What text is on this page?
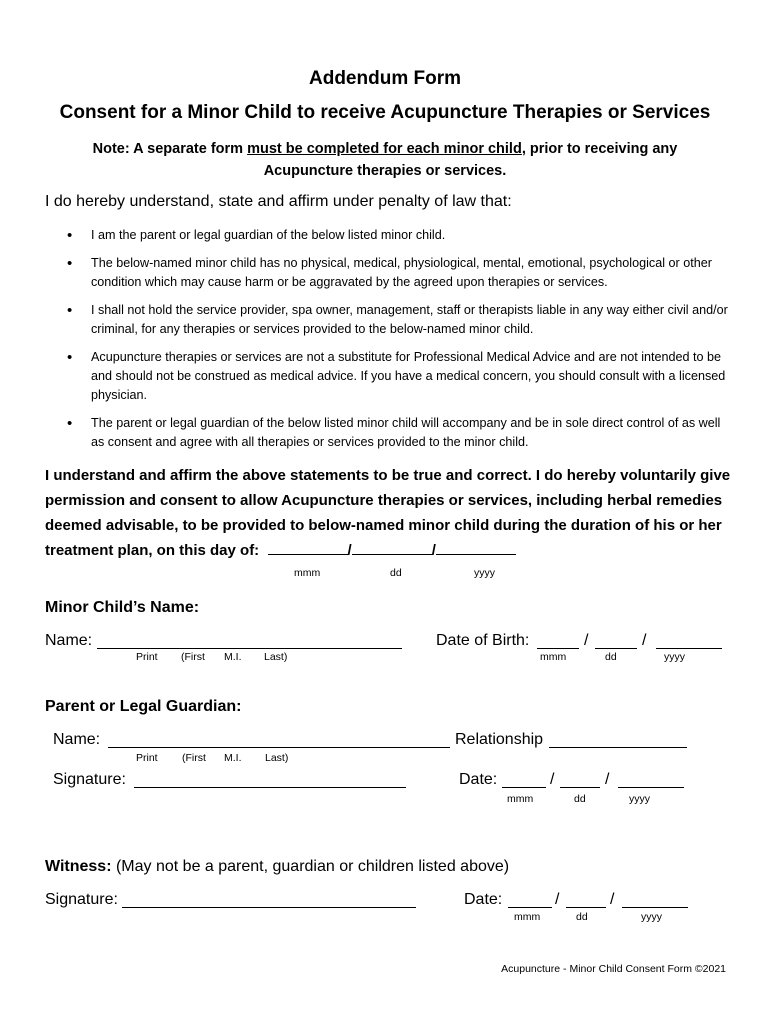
Addendum Form
Consent for a Minor Child to receive Acupuncture Therapies or Services
Note: A separate form must be completed for each minor child, prior to receiving any
Acupuncture therapies or services.
I do hereby understand, state and affirm under penalty of law that:
• I am the parent or legal guardian of the below listed minor child.
• The below-named minor child has no physical, medical, physiological, mental, emotional, psychological or other condition which may cause harm or be aggravated by the agreed upon therapies or services.
• I shall not hold the service provider, spa owner, management, staff or therapists liable in any way either civil and/or criminal, for any therapies or services provided to the below-named minor child.
• Acupuncture therapies or services are not a substitute for Professional Medical Advice and are not intended to be and should not be construed as medical advice. If you have a medical concern, you should consult with a licensed physician.
• The parent or legal guardian of the below listed minor child will accompany and be in sole direct control of as well as consent and agree with all therapies or services provided to the minor child.
I understand and affirm the above statements to be true and correct. I do hereby voluntarily give permission and consent to allow Acupuncture therapies or services, including herbal remedies deemed advisable, to be provided to below-named minor child during the duration of his or her treatment plan, on this day of:	/	/
mmm	dd	yyyy
Minor Child’s Name:
Name:
Print (First M.I. Last)
Date of Birth:	/	/
mmm	dd	yyyy
Parent or Legal Guardian:
Name:
Print (First M.I. Last)
Relationship
Signature:	Date:	/	/
mmm	dd	yyyy
Witness: (May not be a parent, guardian or children listed above)
Signature:	Date:	/	/
mmm	dd	yyyy
Acupuncture - Minor Child Consent Form ©2021
